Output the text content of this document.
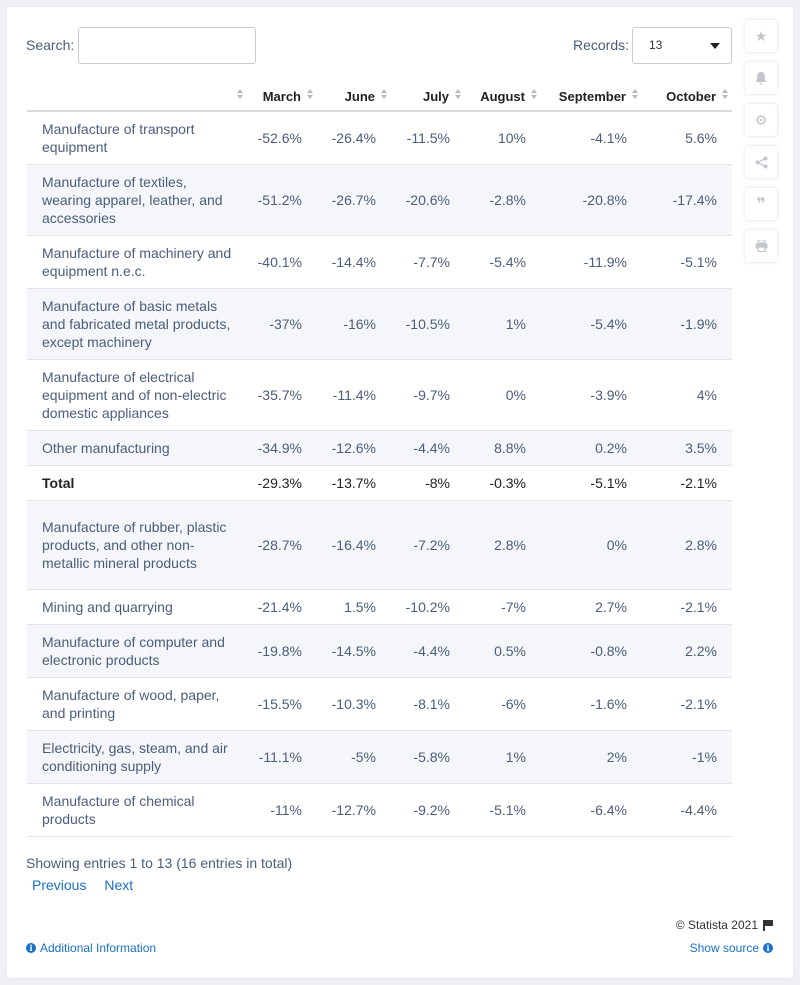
Search:	Records: 13
	March	June	July	August	September	October

Manufacture of transport equipment	-52.6%	-26.4%	-11.5%	10%	-4.1%	5.6%
Manufacture of textiles, wearing apparel, leather, and accessories	-51.2%	-26.7%	-20.6%	-2.8%	-20.8%	-17.4%
Manufacture of machinery and equipment n.e.c.	-40.1%	-14.4%	-7.7%	-5.4%	-11.9%	-5.1%
Manufacture of basic metals and fabricated metal products, except machinery	-37%	-16%	-10.5%	1%	-5.4%	-1.9%
Manufacture of electrical equipment and of non-electric domestic appliances	-35.7%	-11.4%	-9.7%	0%	-3.9%	4%
Other manufacturing	-34.9%	-12.6%	-4.4%	8.8%	0.2%	3.5%
Total	-29.3%	-13.7%	-8%	-0.3%	-5.1%	-2.1%
Manufacture of rubber, plastic products, and other non-metallic mineral products	-28.7%	-16.4%	-7.2%	2.8%	0%	2.8%
Mining and quarrying	-21.4%	1.5%	-10.2%	-7%	2.7%	-2.1%
Manufacture of computer and electronic products	-19.8%	-14.5%	-4.4%	0.5%	-0.8%	2.2%
Manufacture of wood, paper, and printing	-15.5%	-10.3%	-8.1%	-6%	-1.6%	-2.1%
Electricity, gas, steam, and air conditioning supply	-11.1%	-5%	-5.8%	1%	2%	-1%
Manufacture of chemical products	-11%	-12.7%	-9.2%	-5.1%	-6.4%	-4.4%
Showing entries 1 to 13 (16 entries in total)
Previous Next
© Statista 2021
i Additional Information	Show source i
★
⚙
❞
